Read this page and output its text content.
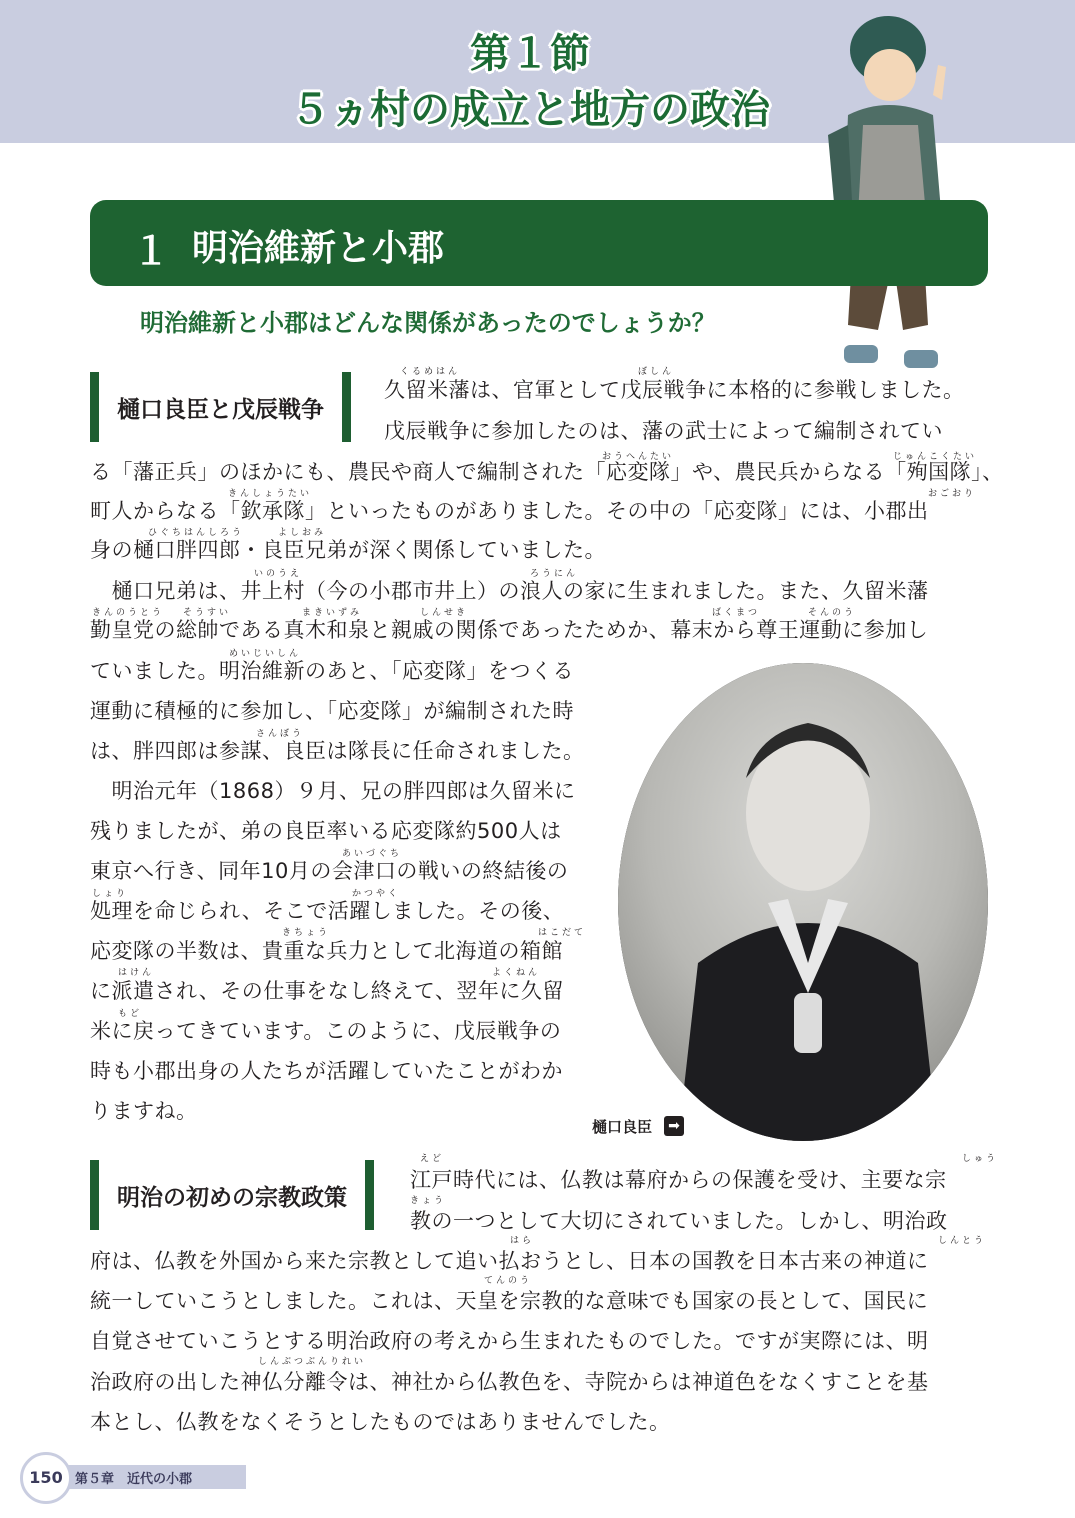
第１節
５ヵ村の成立と地方の政治
１ 明治維新と小郡
明治維新と小郡はどんな関係があったのでしょうか？
樋口良臣と戊辰戦争
くるめはん	ぼしん
おうへんたい	じゅんこくたい
きんしょうたい	おごおり
ひぐちはんしろう	よしおみ
いのうえ	ろうにん
きんのうとう そうすい	まきいずみ	しんせき	ばくまつ	そんのう
めいじいしん
さんぼう
あいづぐち
しょり	かつやく
きちょう	はこだて
はけん	よくねん
もど
えど	しゅう
きょう
はら	しんとう
てんのう
しんぶつぶんりれい
久留米藩は、官軍として戊辰戦争に本格的に参戦しました。
戊辰戦争に参加したのは、藩の武士によって編制されてい
る「藩正兵」のほかにも、農民や商人で編制された「応変隊」や、農民兵からなる「殉国隊」、
町人からなる「欽承隊」といったものがありました。その中の「応変隊」には、小郡出
身の樋口胖四郎・良臣兄弟が深く関係していました。
　樋口兄弟は、井上村（今の小郡市井上）の浪人の家に生まれました。また、久留米藩
勤皇党の総帥である真木和泉と親戚の関係であったためか、幕末から尊王運動に参加し
ていました。明治維新のあと、「応変隊」をつくる
運動に積極的に参加し、「応変隊」が編制された時
は、胖四郎は参謀、良臣は隊長に任命されました。
　明治元年（1868）９月、兄の胖四郎は久留米に
残りましたが、弟の良臣率いる応変隊約500人は
東京へ行き、同年10月の会津口の戦いの終結後の
処理を命じられ、そこで活躍しました。その後、
応変隊の半数は、貴重な兵力として北海道の箱館
に派遣され、その仕事をなし終えて、翌年に久留
米に戻ってきています。このように、戊辰戦争の
時も小郡出身の人たちが活躍していたことがわか
りますね。
樋口良臣 ➡
明治の初めの宗教政策
江戸時代には、仏教は幕府からの保護を受け、主要な宗
教の一つとして大切にされていました。しかし、明治政
府は、仏教を外国から来た宗教として追い払おうとし、日本の国教を日本古来の神道に
統一していこうとしました。これは、天皇を宗教的な意味でも国家の長として、国民に
自覚させていこうとする明治政府の考えから生まれたものでした。ですが実際には、明
治政府の出した神仏分離令は、神社から仏教色を、寺院からは神道色をなくすことを基
本とし、仏教をなくそうとしたものではありませんでした。
第５章　近代の小郡
150
